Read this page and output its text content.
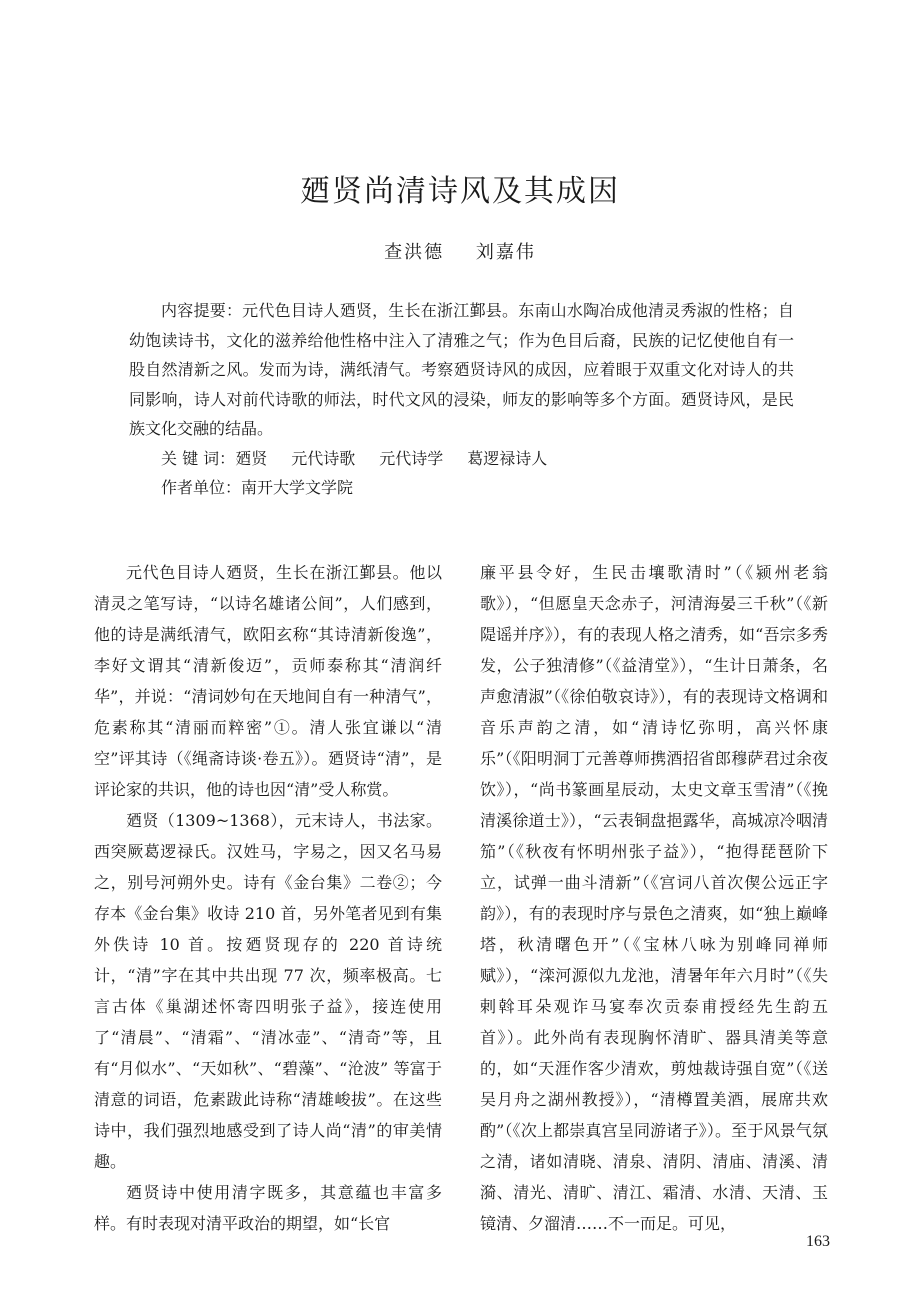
廼贤尚清诗风及其成因
查洪德 刘嘉伟

内容提要：元代色目诗人廼贤，生长在浙江鄞县。东南山水陶冶成他清灵秀淑的性格；自幼饱读诗书，文化的滋养给他性格中注入了清雅之气；作为色目后裔，民族的记忆使他自有一股自然清新之风。发而为诗，满纸清气。考察廼贤诗风的成因，应着眼于双重文化对诗人的共同影响，诗人对前代诗歌的师法，时代文风的浸染，师友的影响等多个方面。廼贤诗风，是民族文化交融的结晶。

关 键 词：廼贤 元代诗歌 元代诗学 葛逻禄诗人

作者单位：南开大学文学院

元代色目诗人廼贤，生长在浙江鄞县。他以清灵之笔写诗，“以诗名雄诸公间”，人们感到，他的诗是满纸清气，欧阳玄称“其诗清新俊逸”，李好文谓其“清新俊迈”，贡师泰称其“清润纤华”，并说：“清词妙句在天地间自有一种清气”，危素称其“清丽而粹密”①。清人张宜谦以“清空”评其诗（《绳斋诗谈·卷五》）。廼贤诗“清”，是评论家的共识，他的诗也因“清”受人称赏。

廼贤（1309~1368），元末诗人，书法家。西突厥葛逻禄氏。汉姓马，字易之，因又名马易之，别号河朔外史。诗有《金台集》二卷②；今存本《金台集》收诗 210 首，另外笔者见到有集外佚诗 10 首。按廼贤现存的 220 首诗统计，“清”字在其中共出现 77 次，频率极高。七言古体《巢湖述怀寄四明张子益》，接连使用了“清晨”、“清霜”、“清冰壶”、“清奇”等，且有“月似水”、“天如秋”、“碧藻”、“沧波” 等富于清意的词语，危素跋此诗称“清雄峻拔”。在这些诗中，我们强烈地感受到了诗人尚“清”的审美情趣。

廼贤诗中使用清字既多，其意蕴也丰富多样。有时表现对清平政治的期望，如“长官

廉平县令好，生民击壤歌清时”（《颍州老翁歌》），“但愿皇天念赤子，河清海晏三千秋”（《新隄谣并序》），有的表现人格之清秀，如“吾宗多秀发，公子独清修”（《益清堂》），“生计日萧条，名声愈清淑”（《徐伯敬哀诗》），有的表现诗文格调和音乐声韵之清，如“清诗忆弥明，高兴怀康乐”（《阳明洞丁元善尊师携酒招省郎穆萨君过余夜饮》），“尚书篆画星辰动，太史文章玉雪清”（《挽清溪徐道士》），“云表铜盘挹露华，高城凉冷咽清笳”（《秋夜有怀明州张子益》），“抱得琵琶阶下立，试弹一曲斗清新”（《宫词八首次偰公远正字韵》），有的表现时序与景色之清爽，如“独上巅峰塔，秋清曙色开”（《宝林八咏为别峰同禅师赋》），“滦河源似九龙池，清暑年年六月时”（《失剌斡耳朵观诈马宴奉次贡泰甫授经先生韵五首》）。此外尚有表现胸怀清旷、器具清美等意的，如“天涯作客少清欢，剪烛裁诗强自宽”（《送吴月舟之湖州教授》），“清樽置美酒，展席共欢酌”（《次上都崇真宫呈同游诸子》）。至于风景气氛之清，诸如清晓、清泉、清阴、清庙、清溪、清漪、清光、清旷、清江、霜清、水清、天清、玉镜清、夕溜清……不一而足。可见，

163
